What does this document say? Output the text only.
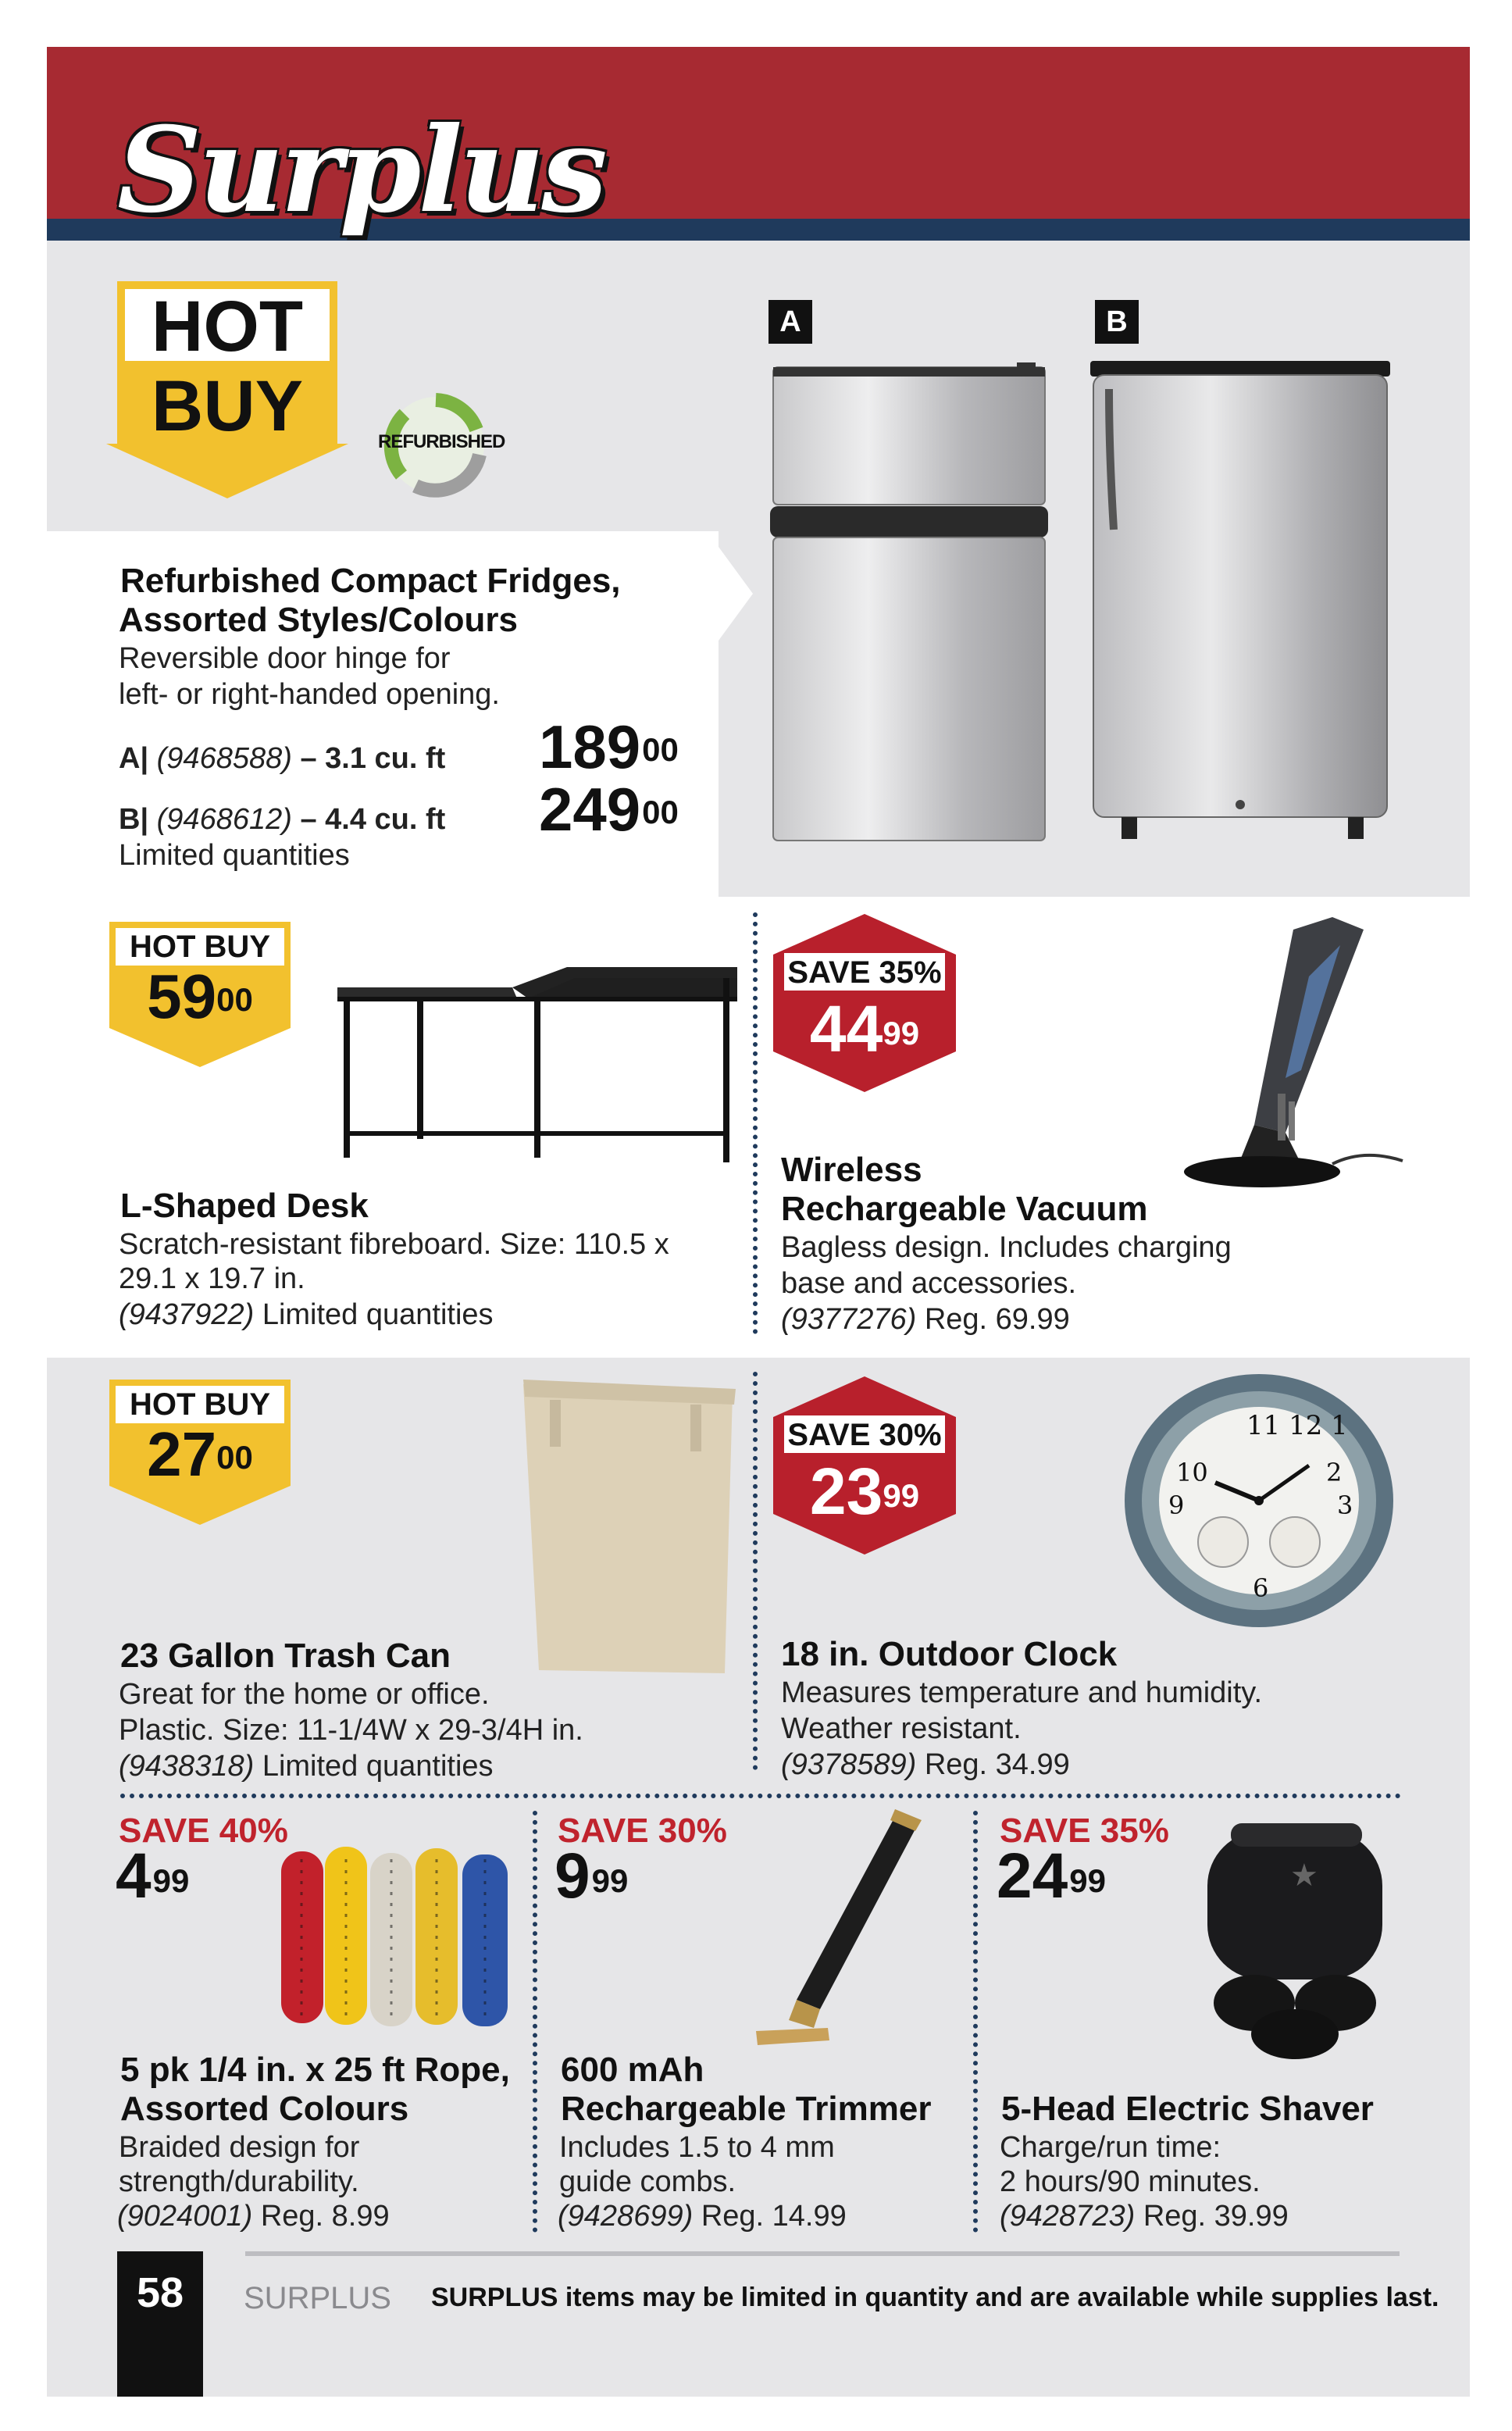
Surplus
HOT
BUY	REFURBISHED
Refurbished Compact Fridges,
Assorted Styles/Colours
Reversible door hinge for
left- or right-handed opening.
A| (9468588) – 3.1 cu. ft $189^{00}$
B| (9468612) – 4.4 cu. ft $249^{00}$
Limited quantities
A	B
HOT BUY
$59^{00}$
L-Shaped Desk
Scratch-resistant fibreboard. Size: 110.5 x
29.1 x 19.7 in.
(9437922) Limited quantities
SAVE 35%
$44^{99}$
Wireless
Rechargeable Vacuum
Bagless design. Includes charging
base and accessories.
(9377276) Reg. 69.99
HOT BUY
$27^{00}$
23 Gallon Trash Can
Great for the home or office.
Plastic. Size: 11-1/4W x 29-3/4H in.
(9438318) Limited quantities
SAVE 30%
$23^{99}$
11 12 1
10	2
9	3
6
18 in. Outdoor Clock
Measures temperature and humidity.
Weather resistant.
(9378589) Reg. 34.99
SAVE 40%
$4^{99}$
5 pk 1/4 in. x 25 ft Rope,
Assorted Colours
Braided design for
strength/durability.
(9024001) Reg. 8.99
SAVE 30%
$9^{99}$
600 mAh
Rechargeable Trimmer
Includes 1.5 to 4 mm
guide combs.
(9428699) Reg. 14.99
SAVE 35%
$24^{99}$	★
5-Head Electric Shaver
Charge/run time:
2 hours/90 minutes.
(9428723) Reg. 39.99
58	SURPLUS SURPLUS items may be limited in quantity and are available while supplies last.
